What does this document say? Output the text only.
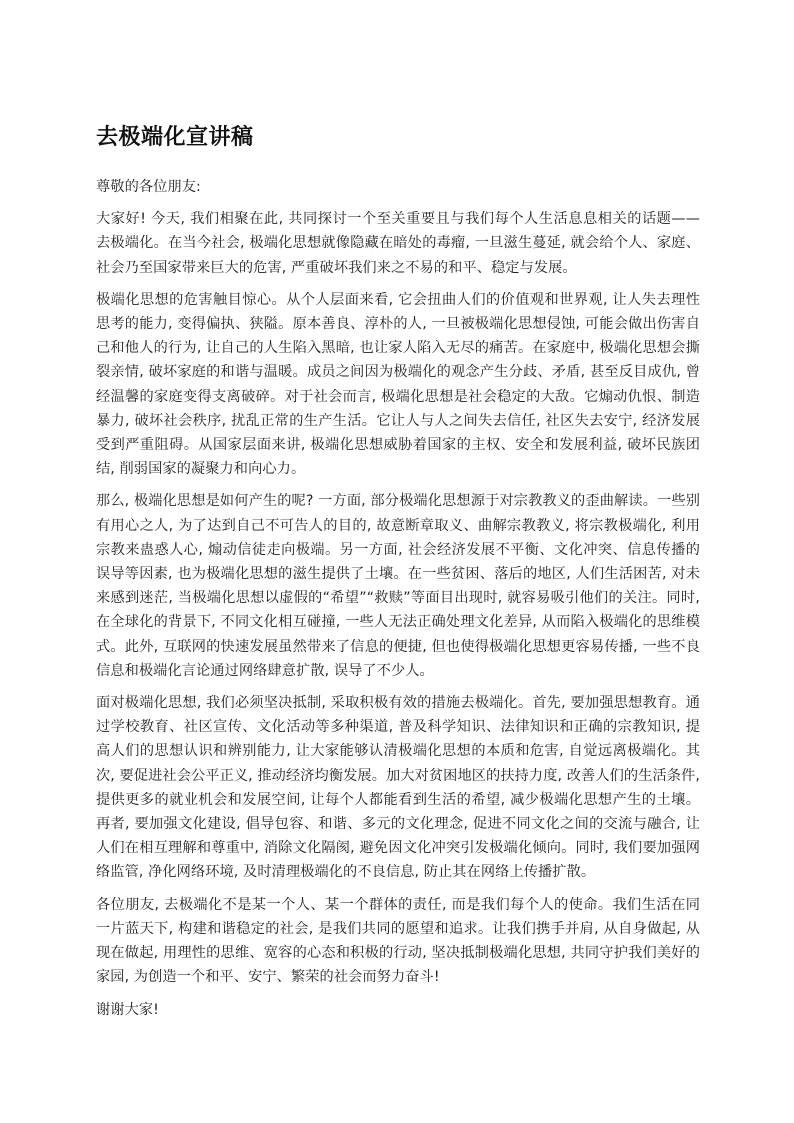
去极端化宣讲稿

尊敬的各位朋友:

大家好! 今天, 我们相聚在此, 共同探讨一个至关重要且与我们每个人生活息息相关的话题—— 去极端化。在当今社会, 极端化思想就像隐藏在暗处的毒瘤, 一旦滋生蔓延, 就会给个人、家庭、社会乃至国家带来巨大的危害, 严重破坏我们来之不易的和平、稳定与发展。

极端化思想的危害触目惊心。从个人层面来看, 它会扭曲人们的价值观和世界观, 让人失去理性思考的能力, 变得偏执、狭隘。原本善良、淳朴的人, 一旦被极端化思想侵蚀, 可能会做出伤害自己和他人的行为, 让自己的人生陷入黑暗, 也让家人陷入无尽的痛苦。在家庭中, 极端化思想会撕裂亲情, 破坏家庭的和谐与温暖。成员之间因为极端化的观念产生分歧、矛盾, 甚至反目成仇, 曾经温馨的家庭变得支离破碎。对于社会而言, 极端化思想是社会稳定的大敌。它煽动仇恨、制造暴力, 破坏社会秩序, 扰乱正常的生产生活。它让人与人之间失去信任, 社区失去安宁, 经济发展受到严重阻碍。从国家层面来讲, 极端化思想威胁着国家的主权、安全和发展利益, 破坏民族团结, 削弱国家的凝聚力和向心力。

那么, 极端化思想是如何产生的呢? 一方面, 部分极端化思想源于对宗教教义的歪曲解读。一些别有用心之人, 为了达到自己不可告人的目的, 故意断章取义、曲解宗教教义, 将宗教极端化, 利用宗教来蛊惑人心, 煽动信徒走向极端。另一方面, 社会经济发展不平衡、文化冲突、信息传播的误导等因素, 也为极端化思想的滋生提供了土壤。在一些贫困、落后的地区, 人们生活困苦, 对未来感到迷茫, 当极端化思想以虚假的“希望”“救赎”等面目出现时, 就容易吸引他们的关注。同时, 在全球化的背景下, 不同文化相互碰撞, 一些人无法正确处理文化差异, 从而陷入极端化的思维模式。此外, 互联网的快速发展虽然带来了信息的便捷, 但也使得极端化思想更容易传播, 一些不良信息和极端化言论通过网络肆意扩散, 误导了不少人。

面对极端化思想, 我们必须坚决抵制, 采取积极有效的措施去极端化。首先, 要加强思想教育。通过学校教育、社区宣传、文化活动等多种渠道, 普及科学知识、法律知识和正确的宗教知识, 提高人们的思想认识和辨别能力, 让大家能够认清极端化思想的本质和危害, 自觉远离极端化。其次, 要促进社会公平正义, 推动经济均衡发展。加大对贫困地区的扶持力度, 改善人们的生活条件, 提供更多的就业机会和发展空间, 让每个人都能看到生活的希望, 减少极端化思想产生的土壤。再者, 要加强文化建设, 倡导包容、和谐、多元的文化理念, 促进不同文化之间的交流与融合, 让人们在相互理解和尊重中, 消除文化隔阂, 避免因文化冲突引发极端化倾向。同时, 我们要加强网络监管, 净化网络环境, 及时清理极端化的不良信息, 防止其在网络上传播扩散。

各位朋友, 去极端化不是某一个人、某一个群体的责任, 而是我们每个人的使命。我们生活在同一片蓝天下, 构建和谐稳定的社会, 是我们共同的愿望和追求。让我们携手并肩, 从自身做起, 从现在做起, 用理性的思维、宽容的心态和积极的行动, 坚决抵制极端化思想, 共同守护我们美好的家园, 为创造一个和平、安宁、繁荣的社会而努力奋斗!

谢谢大家!
